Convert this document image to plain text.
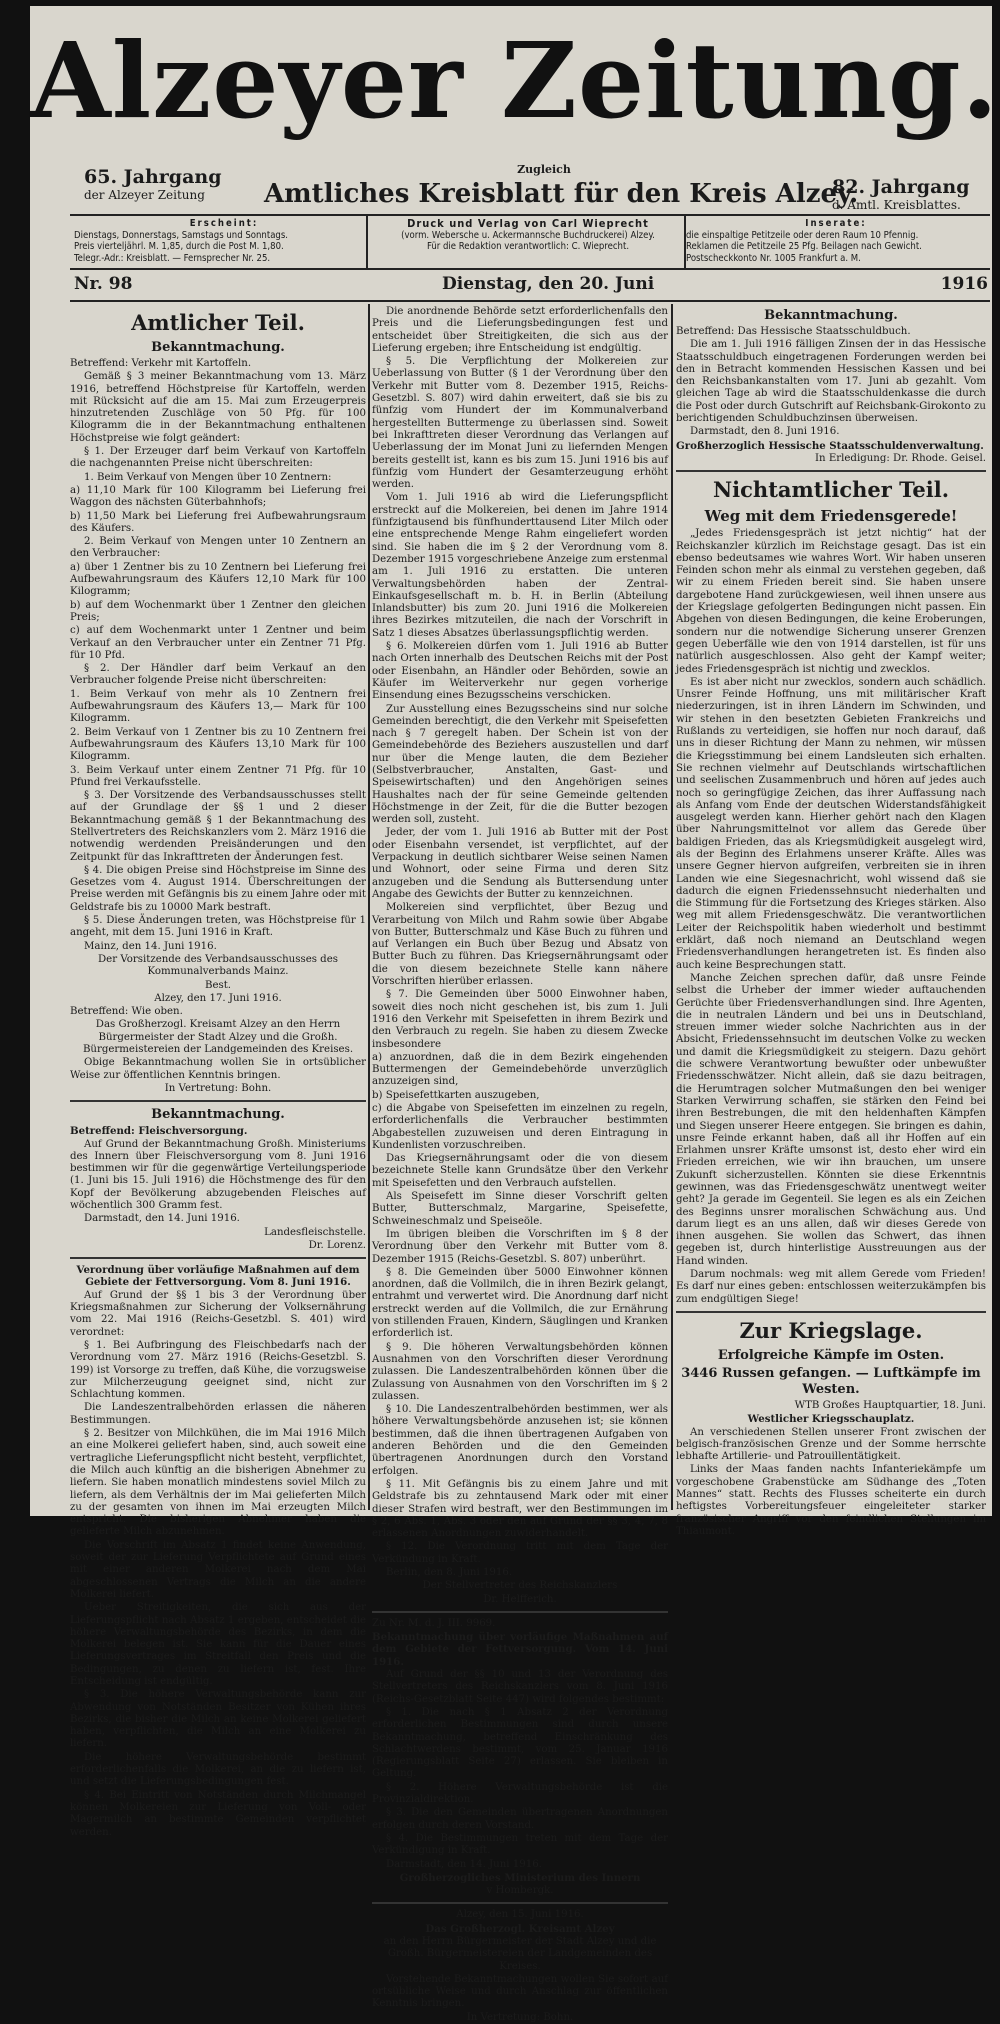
Alzeyer Zeitung.
65. Jahrgang
der Alzeyer Zeitung
Zugleich
Amtliches Kreisblatt für den Kreis Alzey.
82. Jahrgang
d. Amtl. Kreisblattes.
Erscheint:
Dienstags, Donnerstags, Samstags und Sonntags.
Preis vierteljährl. M. 1,85, durch die Post M. 1,80.
Telegr.-Adr.: Kreisblatt. — Fernsprecher Nr. 25.
Druck und Verlag von Carl Wieprecht
(vorm. Webersche u. Ackermannsche Buchdruckerei) Alzey.
Für die Redaktion verantwortlich: C. Wieprecht.
Inserate:
die einspaltige Petitzeile oder deren Raum 10 Pfennig.
Reklamen die Petitzeile 25 Pfg. Beilagen nach Gewicht.
Postscheckkonto Nr. 1005 Frankfurt a. M.
Nr. 98	Dienstag, den 20. Juni	1916
Amtlicher Teil.
Bekanntmachung.

Betreffend: Verkehr mit Kartoffeln.

Gemäß § 3 meiner Bekanntmachung vom 13. März 1916, betreffend Höchstpreise für Kartoffeln, werden mit Rücksicht auf die am 15. Mai zum Erzeugerpreis hinzutretenden Zuschläge von 50 Pfg. für 100 Kilogramm die in der Bekanntmachung enthaltenen Höchstpreise wie folgt geändert:

§ 1. Der Erzeuger darf beim Verkauf von Kartoffeln die nachgenannten Preise nicht überschreiten:

1. Beim Verkauf von Mengen über 10 Zentnern:

a) 11,10 Mark für 100 Kilogramm bei Lieferung frei Waggon des nächsten Güterbahnhofs;

b) 11,50 Mark bei Lieferung frei Aufbewahrungsraum des Käufers.

2. Beim Verkauf von Mengen unter 10 Zentnern an den Verbraucher:

a) über 1 Zentner bis zu 10 Zentnern bei Lieferung frei Aufbewahrungsraum des Käufers 12,10 Mark für 100 Kilogramm;

b) auf dem Wochenmarkt über 1 Zentner den gleichen Preis;

c) auf dem Wochenmarkt unter 1 Zentner und beim Verkauf an den Verbraucher unter ein Zentner 71 Pfg. für 10 Pfd.

§ 2. Der Händler darf beim Verkauf an den Verbraucher folgende Preise nicht überschreiten:

1. Beim Verkauf von mehr als 10 Zentnern frei Aufbewahrungsraum des Käufers 13,— Mark für 100 Kilogramm.

2. Beim Verkauf von 1 Zentner bis zu 10 Zentnern frei Aufbewahrungsraum des Käufers 13,10 Mark für 100 Kilogramm.

3. Beim Verkauf unter einem Zentner 71 Pfg. für 10 Pfund frei Verkaufsstelle.

§ 3. Der Vorsitzende des Verbandsausschusses stellt auf der Grundlage der §§ 1 und 2 dieser Bekanntmachung gemäß § 1 der Bekanntmachung des Stellvertreters des Reichskanzlers vom 2. März 1916 die notwendig werdenden Preisänderungen und den Zeitpunkt für das Inkrafttreten der Änderungen fest.

§ 4. Die obigen Preise sind Höchstpreise im Sinne des Gesetzes vom 4. August 1914. Überschreitungen der Preise werden mit Gefängnis bis zu einem Jahre oder mit Geldstrafe bis zu 10000 Mark bestraft.

§ 5. Diese Änderungen treten, was Höchstpreise für 1 angeht, mit dem 15. Juni 1916 in Kraft.

Mainz, den 14. Juni 1916.

Der Vorsitzende des Verbandsausschusses des Kommunalverbands Mainz.

Best.

Alzey, den 17. Juni 1916.

Betreffend: Wie oben.

Das Großherzogl. Kreisamt Alzey an den Herrn Bürgermeister der Stadt Alzey und die Großh. Bürgermeistereien der Landgemeinden des Kreises.

Obige Bekanntmachung wollen Sie in ortsüblicher Weise zur öffentlichen Kenntnis bringen.

In Vertretung: Bohn.

Bekanntmachung.

Betreffend: Fleischversorgung.

Auf Grund der Bekanntmachung Großh. Ministeriums des Innern über Fleischversorgung vom 8. Juni 1916 bestimmen wir für die gegenwärtige Verteilungsperiode (1. Juni bis 15. Juli 1916) die Höchstmenge des für den Kopf der Bevölkerung abzugebenden Fleisches auf wöchentlich 300 Gramm fest.

Darmstadt, den 14. Juni 1916.

Landesfleischstelle.

Dr. Lorenz.

Verordnung über vorläufige Maßnahmen auf dem Gebiete der Fettversorgung. Vom 8. Juni 1916.

Auf Grund der §§ 1 bis 3 der Verordnung über Kriegsmaßnahmen zur Sicherung der Volksernährung vom 22. Mai 1916 (Reichs-Gesetzbl. S. 401) wird verordnet:

§ 1. Bei Aufbringung des Fleischbedarfs nach der Verordnung vom 27. März 1916 (Reichs-Gesetzbl. S. 199) ist Vorsorge zu treffen, daß Kühe, die vorzugsweise zur Milcherzeugung geeignet sind, nicht zur Schlachtung kommen.

Die Landeszentralbehörden erlassen die näheren Bestimmungen.

§ 2. Besitzer von Milchkühen, die im Mai 1916 Milch an eine Molkerei geliefert haben, sind, auch soweit eine vertragliche Lieferungspflicht nicht besteht, verpflichtet, die Milch auch künftig an die bisherigen Abnehmer zu liefern. Sie haben monatlich mindestens soviel Milch zu liefern, als dem Verhältnis der im Mai gelieferten Milch zu der gesamten von ihnen im Mai erzeugten Milch entspricht. Die bisherigen Abnehmer haben die gelieferte Milch abzunehmen.

Die Vorschrift im Absatz 1 findet keine Anwendung, soweit der zur Lieferung Verpflichtete auf Grund eines mit einer anderen Molkerei nach dem Mai abgeschlossenen Vertrags die Milch an die andere Molkerei liefert.

Ueber Streitigkeiten, die sich aus der Lieferungspflicht nach Absatz 1 ergeben, entscheidet die höhere Verwaltungsbehörde des Bezirks, in dem die Molkerei belegen ist. Sie kann für die Dauer eines Lieferungsvertrages im Streitfall den Preis und die Bedingungen, zu denen zu liefern ist, fest. Ihre Entscheidung ist endgültig.

§ 3. Die höhere Verwaltungsbehörde kann zur Abwendung von Notständen Besitzer von Kühen ihres Bezirks, die bisher die Milch an keine Molkerei geliefert haben, verpflichten, die Milch an eine Molkerei zu liefern.

Die höhere Verwaltungsbehörde bestimmt erforderlichenfalls die Molkerei, an die zu liefern ist, und setzt die Lieferungsbedingungen fest.

§ 4. Bei Eintritt von Notständen durch Milchmangel können Molkereien zur Lieferung von Voll- oder Magermilch an bestimmte Gemeinden verpflichtet werden.

Die anordnende Behörde setzt erforderlichenfalls den Preis und die Lieferungsbedingungen fest und entscheidet über Streitigkeiten, die sich aus der Lieferung ergeben; ihre Entscheidung ist endgültig.

§ 5. Die Verpflichtung der Molkereien zur Ueberlassung von Butter (§ 1 der Verordnung über den Verkehr mit Butter vom 8. Dezember 1915, Reichs-Gesetzbl. S. 807) wird dahin erweitert, daß sie bis zu fünfzig vom Hundert der im Kommunalverband hergestellten Buttermenge zu überlassen sind. Soweit bei Inkrafttreten dieser Verordnung das Verlangen auf Ueberlassung der im Monat Juni zu liefernden Mengen bereits gestellt ist, kann es bis zum 15. Juni 1916 bis auf fünfzig vom Hundert der Gesamterzeugung erhöht werden.

Vom 1. Juli 1916 ab wird die Lieferungspflicht erstreckt auf die Molkereien, bei denen im Jahre 1914 fünfzigtausend bis fünfhunderttausend Liter Milch oder eine entsprechende Menge Rahm eingeliefert worden sind. Sie haben die im § 2 der Verordnung vom 8. Dezember 1915 vorgeschriebene Anzeige zum erstenmal am 1. Juli 1916 zu erstatten. Die unteren Verwaltungsbehörden haben der Zentral-Einkaufsgesellschaft m. b. H. in Berlin (Abteilung Inlandsbutter) bis zum 20. Juni 1916 die Molkereien ihres Bezirkes mitzuteilen, die nach der Vorschrift in Satz 1 dieses Absatzes überlassungspflichtig werden.

§ 6. Molkereien dürfen vom 1. Juli 1916 ab Butter nach Orten innerhalb des Deutschen Reichs mit der Post oder Eisenbahn, an Händler oder Behörden, sowie an Käufer im Weiterverkehr nur gegen vorherige Einsendung eines Bezugsscheins verschicken.

Zur Ausstellung eines Bezugsscheins sind nur solche Gemeinden berechtigt, die den Verkehr mit Speisefetten nach § 7 geregelt haben. Der Schein ist von der Gemeindebehörde des Beziehers auszustellen und darf nur über die Menge lauten, die dem Bezieher (Selbstverbraucher, Anstalten, Gast- und Speisewirtschaften) und den Angehörigen seines Haushaltes nach der für seine Gemeinde geltenden Höchstmenge in der Zeit, für die die Butter bezogen werden soll, zusteht.

Jeder, der vom 1. Juli 1916 ab Butter mit der Post oder Eisenbahn versendet, ist verpflichtet, auf der Verpackung in deutlich sichtbarer Weise seinen Namen und Wohnort, oder seine Firma und deren Sitz anzugeben und die Sendung als Buttersendung unter Angabe des Gewichts der Butter zu kennzeichnen.

Molkereien sind verpflichtet, über Bezug und Verarbeitung von Milch und Rahm sowie über Abgabe von Butter, Butterschmalz und Käse Buch zu führen und auf Verlangen ein Buch über Bezug und Absatz von Butter Buch zu führen. Das Kriegsernährungsamt oder die von diesem bezeichnete Stelle kann nähere Vorschriften hierüber erlassen.

§ 7. Die Gemeinden über 5000 Einwohner haben, soweit dies noch nicht geschehen ist, bis zum 1. Juli 1916 den Verkehr mit Speisefetten in ihrem Bezirk und den Verbrauch zu regeln. Sie haben zu diesem Zwecke insbesondere

a) anzuordnen, daß die in dem Bezirk eingehenden Buttermengen der Gemeindebehörde unverzüglich anzuzeigen sind,

b) Speisefettkarten auszugeben,

c) die Abgabe von Speisefetten im einzelnen zu regeln, erforderlichenfalls die Verbraucher bestimmten Abgabestellen zuzuweisen und deren Eintragung in Kundenlisten vorzuschreiben.

Das Kriegsernährungsamt oder die von diesem bezeichnete Stelle kann Grundsätze über den Verkehr mit Speisefetten und den Verbrauch aufstellen.

Als Speisefett im Sinne dieser Vorschrift gelten Butter, Butterschmalz, Margarine, Speisefette, Schweineschmalz und Speiseöle.

Im übrigen bleiben die Vorschriften im § 8 der Verordnung über den Verkehr mit Butter vom 8. Dezember 1915 (Reichs-Gesetzbl. S. 807) unberührt.

§ 8. Die Gemeinden über 5000 Einwohner können anordnen, daß die Vollmilch, die in ihren Bezirk gelangt, entrahmt und verwertet wird. Die Anordnung darf nicht erstreckt werden auf die Vollmilch, die zur Ernährung von stillenden Frauen, Kindern, Säuglingen und Kranken erforderlich ist.

§ 9. Die höheren Verwaltungsbehörden können Ausnahmen von den Vorschriften dieser Verordnung zulassen. Die Landeszentralbehörden können über die Zulassung von Ausnahmen von den Vorschriften im § 2 zulassen.

§ 10. Die Landeszentralbehörden bestimmen, wer als höhere Verwaltungsbehörde anzusehen ist; sie können bestimmen, daß die ihnen übertragenen Aufgaben von anderen Behörden und die den Gemeinden übertragenen Anordnungen durch den Vorstand erfolgen.

§ 11. Mit Gefängnis bis zu einem Jahre und mit Geldstrafe bis zu zehntausend Mark oder mit einer dieser Strafen wird bestraft, wer den Bestimmungen im § 2, 6 Abs. 1, Abs. 3 oder den auf Grund der §§ 3, 4, 7, 8 erlassenen Anordnungen zuwiderhandelt.

§ 12. Die Verordnung tritt mit dem Tage der Verkündung in Kraft.

Berlin, den 8. Juni 1916.

Der Stellvertreter des Reichskanzlers

Dr. Helfferich.

Zu Nr. M. d. J. III. 9969.

Bekanntmachung über vorläufige Maßnahmen auf dem Gebiete der Fettversorgung. Vom 14. Juni 1916.

Auf Grund der §§ 10 und 13 der Verordnung des Stellvertreters des Reichskanzlers vom 8. Juni 1916 (Reichs-Gesetzblatt Seite 447) wird folgendes bestimmt:

§ 1. Die nach § 1 Absatz 2 der Verordnung erforderlichen Bestimmungen sind durch unsere Bekanntmachung, betreffend Einschränkung des Schlachtwerdens bestimmt, vom 25. Januar 1916 (Regierungsblatt Seite 27) erlassen. Sie bleiben in Geltung.

§ 2. Höhere Verwaltungsbehörde ist die Provinzialdirektion.

§ 3. Die den Gemeinden übertragenen Anordnungen erfolgen durch deren Vorstand.

§ 4. Die Bestimmungen treten mit dem Tage der Verkündigung in Kraft.

Darmstadt, den 14. Juni 1916.

Großherzogliches Ministerium des Innern

v Hombergk.

Alzey, den 15. Juni 1916.

Das Großherzogl. Kreisamt Alzey

an den Herrn Bürgermeister der Stadt Alzey und die Großh. Bürgermeistereien der Landgemeinden des Kreises.

Vorstehende Bekanntmachungen wollen Sie sofort auf ortsübliche Weise und durch Anschlag zur öffentlichen Kenntnis bringen.

In Vertretung: Bohn.

Bekanntmachung.

Betreffend: Das Hessische Staatsschuldbuch.

Die am 1. Juli 1916 fälligen Zinsen der in das Hessische Staatsschuldbuch eingetragenen Forderungen werden bei den in Betracht kommenden Hessischen Kassen und bei den Reichsbankanstalten vom 17. Juni ab gezahlt. Vom gleichen Tage ab wird die Staatsschuldenkasse die durch die Post oder durch Gutschrift auf Reichsbank-Girokonto zu berichtigenden Schuldbuchzinsen überweisen.

Darmstadt, den 8. Juni 1916.

Großherzoglich Hessische Staatsschuldenverwaltung.

In Erledigung: Dr. Rhode. Geisel.

Nichtamtlicher Teil.
Weg mit dem Friedensgerede!

„Jedes Friedensgespräch ist jetzt nichtig“ hat der Reichskanzler kürzlich im Reichstage gesagt. Das ist ein ebenso bedeutsames wie wahres Wort. Wir haben unseren Feinden schon mehr als einmal zu verstehen gegeben, daß wir zu einem Frieden bereit sind. Sie haben unsere dargebotene Hand zurückgewiesen, weil ihnen unsere aus der Kriegslage gefolgerten Bedingungen nicht passen. Ein Abgehen von diesen Bedingungen, die keine Eroberungen, sondern nur die notwendige Sicherung unserer Grenzen gegen Ueberfälle wie den von 1914 darstellen, ist für uns natürlich ausgeschlossen. Also geht der Kampf weiter; jedes Friedensgespräch ist nichtig und zwecklos.

Es ist aber nicht nur zwecklos, sondern auch schädlich. Unsrer Feinde Hoffnung, uns mit militärischer Kraft niederzuringen, ist in ihren Ländern im Schwinden, und wir stehen in den besetzten Gebieten Frankreichs und Rußlands zu verteidigen, sie hoffen nur noch darauf, daß uns in dieser Richtung der Mann zu nehmen, wir müssen die Kriegsstimmung bei einem Landsleuten sich erhalten. Sie rechnen vielmehr auf Deutschlands wirtschaftlichen und seelischen Zusammenbruch und hören auf jedes auch noch so geringfügige Zeichen, das ihrer Auffassung nach als Anfang vom Ende der deutschen Widerstandsfähigkeit ausgelegt werden kann. Hierher gehört nach den Klagen über Nahrungsmittelnot vor allem das Gerede über baldigen Frieden, das als Kriegsmüdigkeit ausgelegt wird, als der Beginn des Erlahmens unserer Kräfte. Alles was unsere Gegner hiervon aufgreifen, verbreiten sie in ihren Landen wie eine Siegesnachricht, wohl wissend daß sie dadurch die eignen Friedenssehnsucht niederhalten und die Stimmung für die Fortsetzung des Krieges stärken. Also weg mit allem Friedensgeschwätz. Die verantwortlichen Leiter der Reichspolitik haben wiederholt und bestimmt erklärt, daß noch niemand an Deutschland wegen Friedensverhandlungen herangetreten ist. Es finden also auch keine Besprechungen statt.

Manche Zeichen sprechen dafür, daß unsre Feinde selbst die Urheber der immer wieder auftauchenden Gerüchte über Friedensverhandlungen sind. Ihre Agenten, die in neutralen Ländern und bei uns in Deutschland, streuen immer wieder solche Nachrichten aus in der Absicht, Friedenssehnsucht im deutschen Volke zu wecken und damit die Kriegsmüdigkeit zu steigern. Dazu gehört die schwere Verantwortung bewußter oder unbewußter Friedensschwätzer. Nicht allein, daß sie dazu beitragen, die Herumtragen solcher Mutmaßungen den bei weniger Starken Verwirrung schaffen, sie stärken den Feind bei ihren Bestrebungen, die mit den heldenhaften Kämpfen und Siegen unserer Heere entgegen. Sie bringen es dahin, unsre Feinde erkannt haben, daß all ihr Hoffen auf ein Erlahmen unsrer Kräfte umsonst ist, desto eher wird ein Frieden erreichen, wie wir ihn brauchen, um unsere Zukunft sicherzustellen. Könnten sie diese Erkenntnis gewinnen, was das Friedensgeschwätz unentwegt weiter geht? Ja gerade im Gegenteil. Sie legen es als ein Zeichen des Beginns unsrer moralischen Schwächung aus. Und darum liegt es an uns allen, daß wir dieses Gerede von ihnen ausgehen. Sie wollen das Schwert, das ihnen gegeben ist, durch hinterlistige Ausstreuungen aus der Hand winden.

Darum nochmals: weg mit allem Gerede vom Frieden! Es darf nur eines geben: entschlossen weiterzukämpfen bis zum endgültigen Siege!

Zur Kriegslage.
Erfolgreiche Kämpfe im Osten.
3446 Russen gefangen. — Luftkämpfe im Westen.

WTB Großes Hauptquartier, 18. Juni.

Westlicher Kriegsschauplatz.

An verschiedenen Stellen unserer Front zwischen der belgisch-französischen Grenze und der Somme herrschte lebhafte Artillerie- und Patrouillentätigkeit.

Links der Maas fanden nachts Infanteriekämpfe um vorgeschobene Grabenstücke am Südhange des „Toten Mannes“ statt. Rechts des Flusses scheiterte ein durch heftigstes Vorbereitungsfeuer eingeleiteter starker französischer Angriff vor den feindlichen Stellungen im Thiaumont.
